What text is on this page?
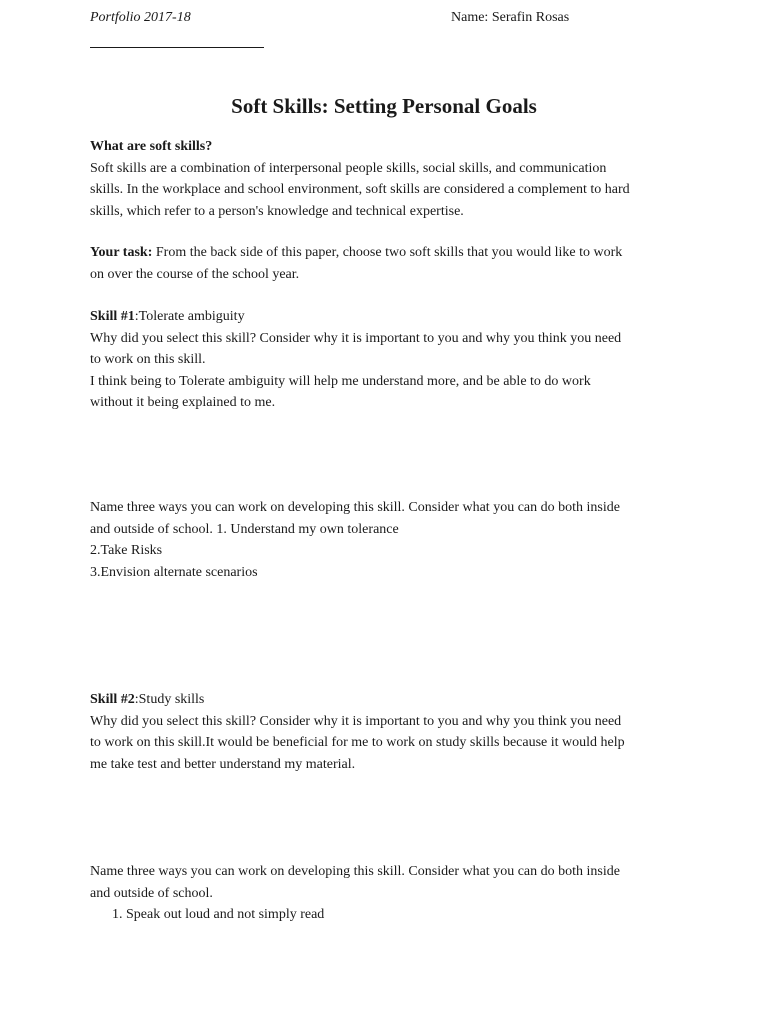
Portfolio 2017-18	Name: Serafin Rosas
Soft Skills: Setting Personal Goals
What are soft skills?
Soft skills are a combination of interpersonal people skills, social skills, and communication
skills. In the workplace and school environment, soft skills are considered a complement to hard
skills, which refer to a person's knowledge and technical expertise.
Your task: From the back side of this paper, choose two soft skills that you would like to work
on over the course of the school year.
Skill #1:Tolerate ambiguity
Why did you select this skill? Consider why it is important to you and why you think you need
to work on this skill.
I think being to Tolerate ambiguity will help me understand more, and be able to do work
without it being explained to me.
Name three ways you can work on developing this skill. Consider what you can do both inside
and outside of school. 1. Understand my own tolerance
2.Take Risks
3.Envision alternate scenarios
Skill #2:Study skills
Why did you select this skill? Consider why it is important to you and why you think you need
to work on this skill.It would be beneficial for me to work on study skills because it would help
me take test and better understand my material.
Name three ways you can work on developing this skill. Consider what you can do both inside
and outside of school.
1. Speak out loud and not simply read
